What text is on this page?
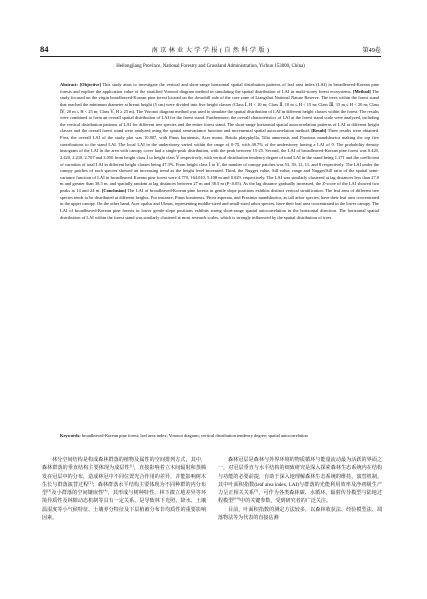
84	南 京 林 业 大 学 学 报 ( 自 然 科 学 版 )	第49卷
Heilongjiang Province, National Forestry and Grassland Administration, Yichun 153000, China)

Abstract: [Objective] This study aims to investigate the vertical and short-range horizontal spatial distribution patterns of leaf area index (LAI) in broadleaved-Korean pine forests and explore the application value of the stratified Voronoi diagram method in simulating the spatial distribution of LAI in multi-storey forest ecosystems. [Method] The study focused on the virgin broadleaved-Korean pine forest located on the downhill side of the core zone of Liangshui National Nature Reserve. The trees within the forest stand that reached the minimum diameter at breast height (5 cm) were divided into five height classes (Class Ⅰ, H < 10 m; Class Ⅱ, 10 m ≤ H < 15 m; Class Ⅲ, 15 m ≤ H < 20 m; Class Ⅳ, 20 m ≤ H < 25 m; Class Ⅴ, H ≥ 25 m). The Voronoi diagram method was used to simulate the spatial distribution of LAI in different height classes within the forest. The results were combined to form an overall spatial distribution of LAI for the forest stand. Furthermore, the overall characteristics of LAI at the forest stand scale were analyzed, including the vertical distribution patterns of LAI for different tree species and the entire forest stand. The short-range horizontal spatial autocorrelation patterns of LAI at different height classes and the overall forest stand were analyzed using the spatial semivariance function and incremental spatial autocorrelation method. [Result] Three results were obtained. First, the overall LAI of the study plot was 10.807, with Pinus koraiensis, Acer mono, Betula platyphylla, Tilia amurensis and Fraxinus mandshurica making the top five contributions to the stand LAI. The local LAI in the understorey varied within the range of 0-75, with 48.7% of the understorey having a LAI of 0. The probability density histogram of the LAI in the area with canopy cover had a single-peak distribution, with the peak between 15-25. Second, the LAI of broadleaved-Korean pine forest was 0.420, 2.420, 2.210, 2.707 and 3.050 from height class Ⅰ to height class Ⅴ respectively, with vertical distribution tendency degree of total LAI in the stand being 1.171 and the coefficient of variation of total LAI in different height classes being 47.3%. From height class Ⅰ to Ⅴ, the number of canopy patches was 53, 39, 12, 11, and 8 respectively. The LAI under the canopy patches of each species showed an increasing trend as the height level increased. Third, the Nugget value, Sill value, range and Nugget/Sill ratio of the spatial semi-variance function of LAI in broadleaved Korean pine forest were 4.770, 164.010, 5.108 m and 0.029, respectively. The LAI was similarly clustered at lag distances less than 27.0 m and greater than 38.5 m, and spatially random at lag distances between 27 m and 38.5 m (P<0.05). As the lag distance gradually increased, the Z-score of the LAI showed two peaks at 14 and 24 m. [Conclusion] The LAI of broadleaved-Korean pine forests in gentle slope positions exhibits distinct vertical stratification. The leaf area of different tree species tends to be distributed at different heights. For instance, Pinus koraiensis, Picea asperata, and Fraxinus mandshurica, as tall arbor species, have their leaf area concentrated in the upper canopy. On the other hand, Acer opalus and Ulmus, representing middle-sized and small-sized arbor species, have their leaf area concentrated in the lower canopy. The LAI of broadleaved-Korean pine forests in lower gentle-slope positions exhibits strong short-range spatial autocorrelation in the horizontal direction. The horizontal spatial distribution of LAI within the forest stand was similarly clustered at most research scales, which is strongly influenced by the spatial distribution of trees.

Keywords: broadleaved-Korean pine forest; leaf area index; Voronoi diagram; vertical distribution tendency degree; spatial autocorrelation

林分空间结构是构成森林群落的植物及属性的空间排列方式，其中，森林群落的垂直结构主要体现为成层性[1]，直接影响着立木间辐射和蒸腾发在冠层中的分布，造成林冠中不同位置光合作用的差异，并能影响树木生长与群落演替过程[2]；森林群落水平结构主要体现为不同种群的内分布型[3]及小群落的空间镶嵌性[4]，其形成与树种特性、林下微立地差异等环境异质性及林隙动态机制等具有一定关系，是导致林下光照、降水、土壤温湿度等小气候特征、土壤养分特征及下层植被分布非均质性的重要影响因素。

森林冠层是森林与外界环境的物质循环与能量流动最为活跃的界面之一，对冠层垂直与水平结构的细致研究是深入探索森林生态系统内在结构与功能的必要前提，有助于深入地理解森林生态系统的维持、演替机制。其中叶面积指数(leaf area index, LAI)与群落的光能利用效率及净初级生产力呈正相关关系[5]，可作为各类森林碳、水循环、辐射传导模型与陆地过程模型[6-8]中的关键参数，受到研究者的广泛关注。

目前，叶面积指数的测定方法较多，以森林收获法、经验模型法、凋落物法等为代表的直接估测
